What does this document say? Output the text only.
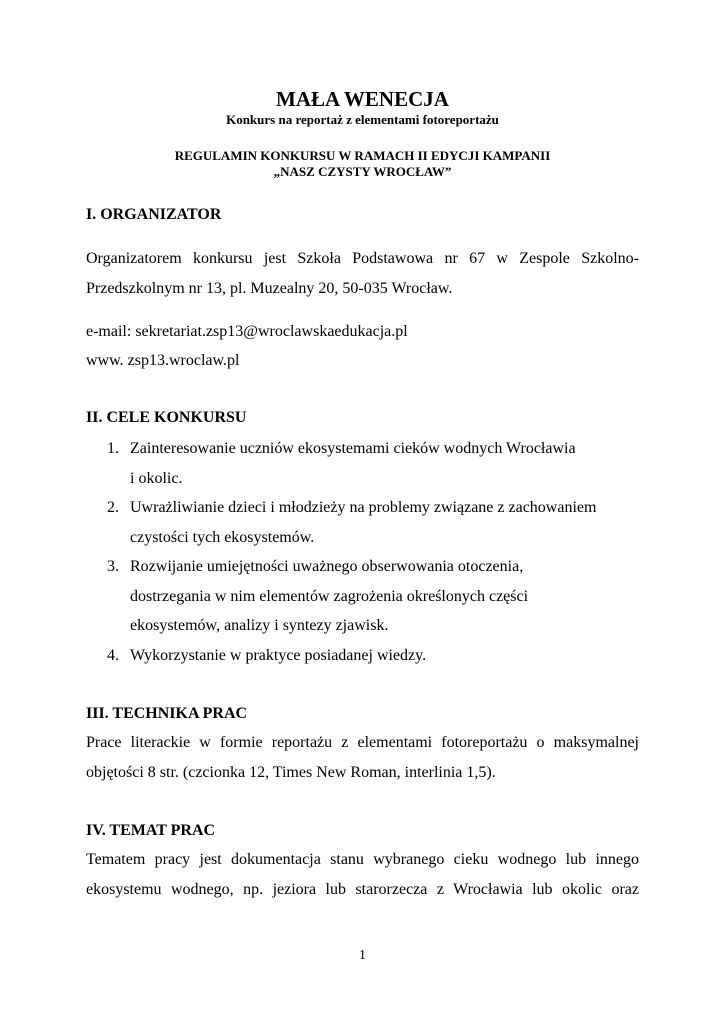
MAŁA WENECJA
Konkurs na reportaż z elementami fotoreportażu
REGULAMIN KONKURSU W RAMACH II EDYCJI KAMPANII
„NASZ CZYSTY WROCŁAW”
I. ORGANIZATOR
Organizatorem konkursu jest Szkoła Podstawowa nr 67 w Zespole Szkolno-
Przedszkolnym nr 13, pl. Muzealny 20, 50-035 Wrocław.
e-mail: sekretariat.zsp13@wroclawskaedukacja.pl
www. zsp13.wroclaw.pl
II. CELE KONKURSU
1. Zainteresowanie uczniów ekosystemami cieków wodnych Wrocławia
i okolic.
2. Uwrażliwianie dzieci i młodzieży na problemy związane z zachowaniem
czystości tych ekosystemów.
3. Rozwijanie umiejętności uważnego obserwowania otoczenia,
dostrzegania w nim elementów zagrożenia określonych części
ekosystemów, analizy i syntezy zjawisk.
4. Wykorzystanie w praktyce posiadanej wiedzy.
III. TECHNIKA PRAC
Prace literackie w formie reportażu z elementami fotoreportażu o maksymalnej
objętości 8 str. (czcionka 12, Times New Roman, interlinia 1,5).
IV. TEMAT PRAC
Tematem pracy jest dokumentacja stanu wybranego cieku wodnego lub innego
ekosystemu wodnego, np. jeziora lub starorzecza z Wrocławia lub okolic oraz
1
